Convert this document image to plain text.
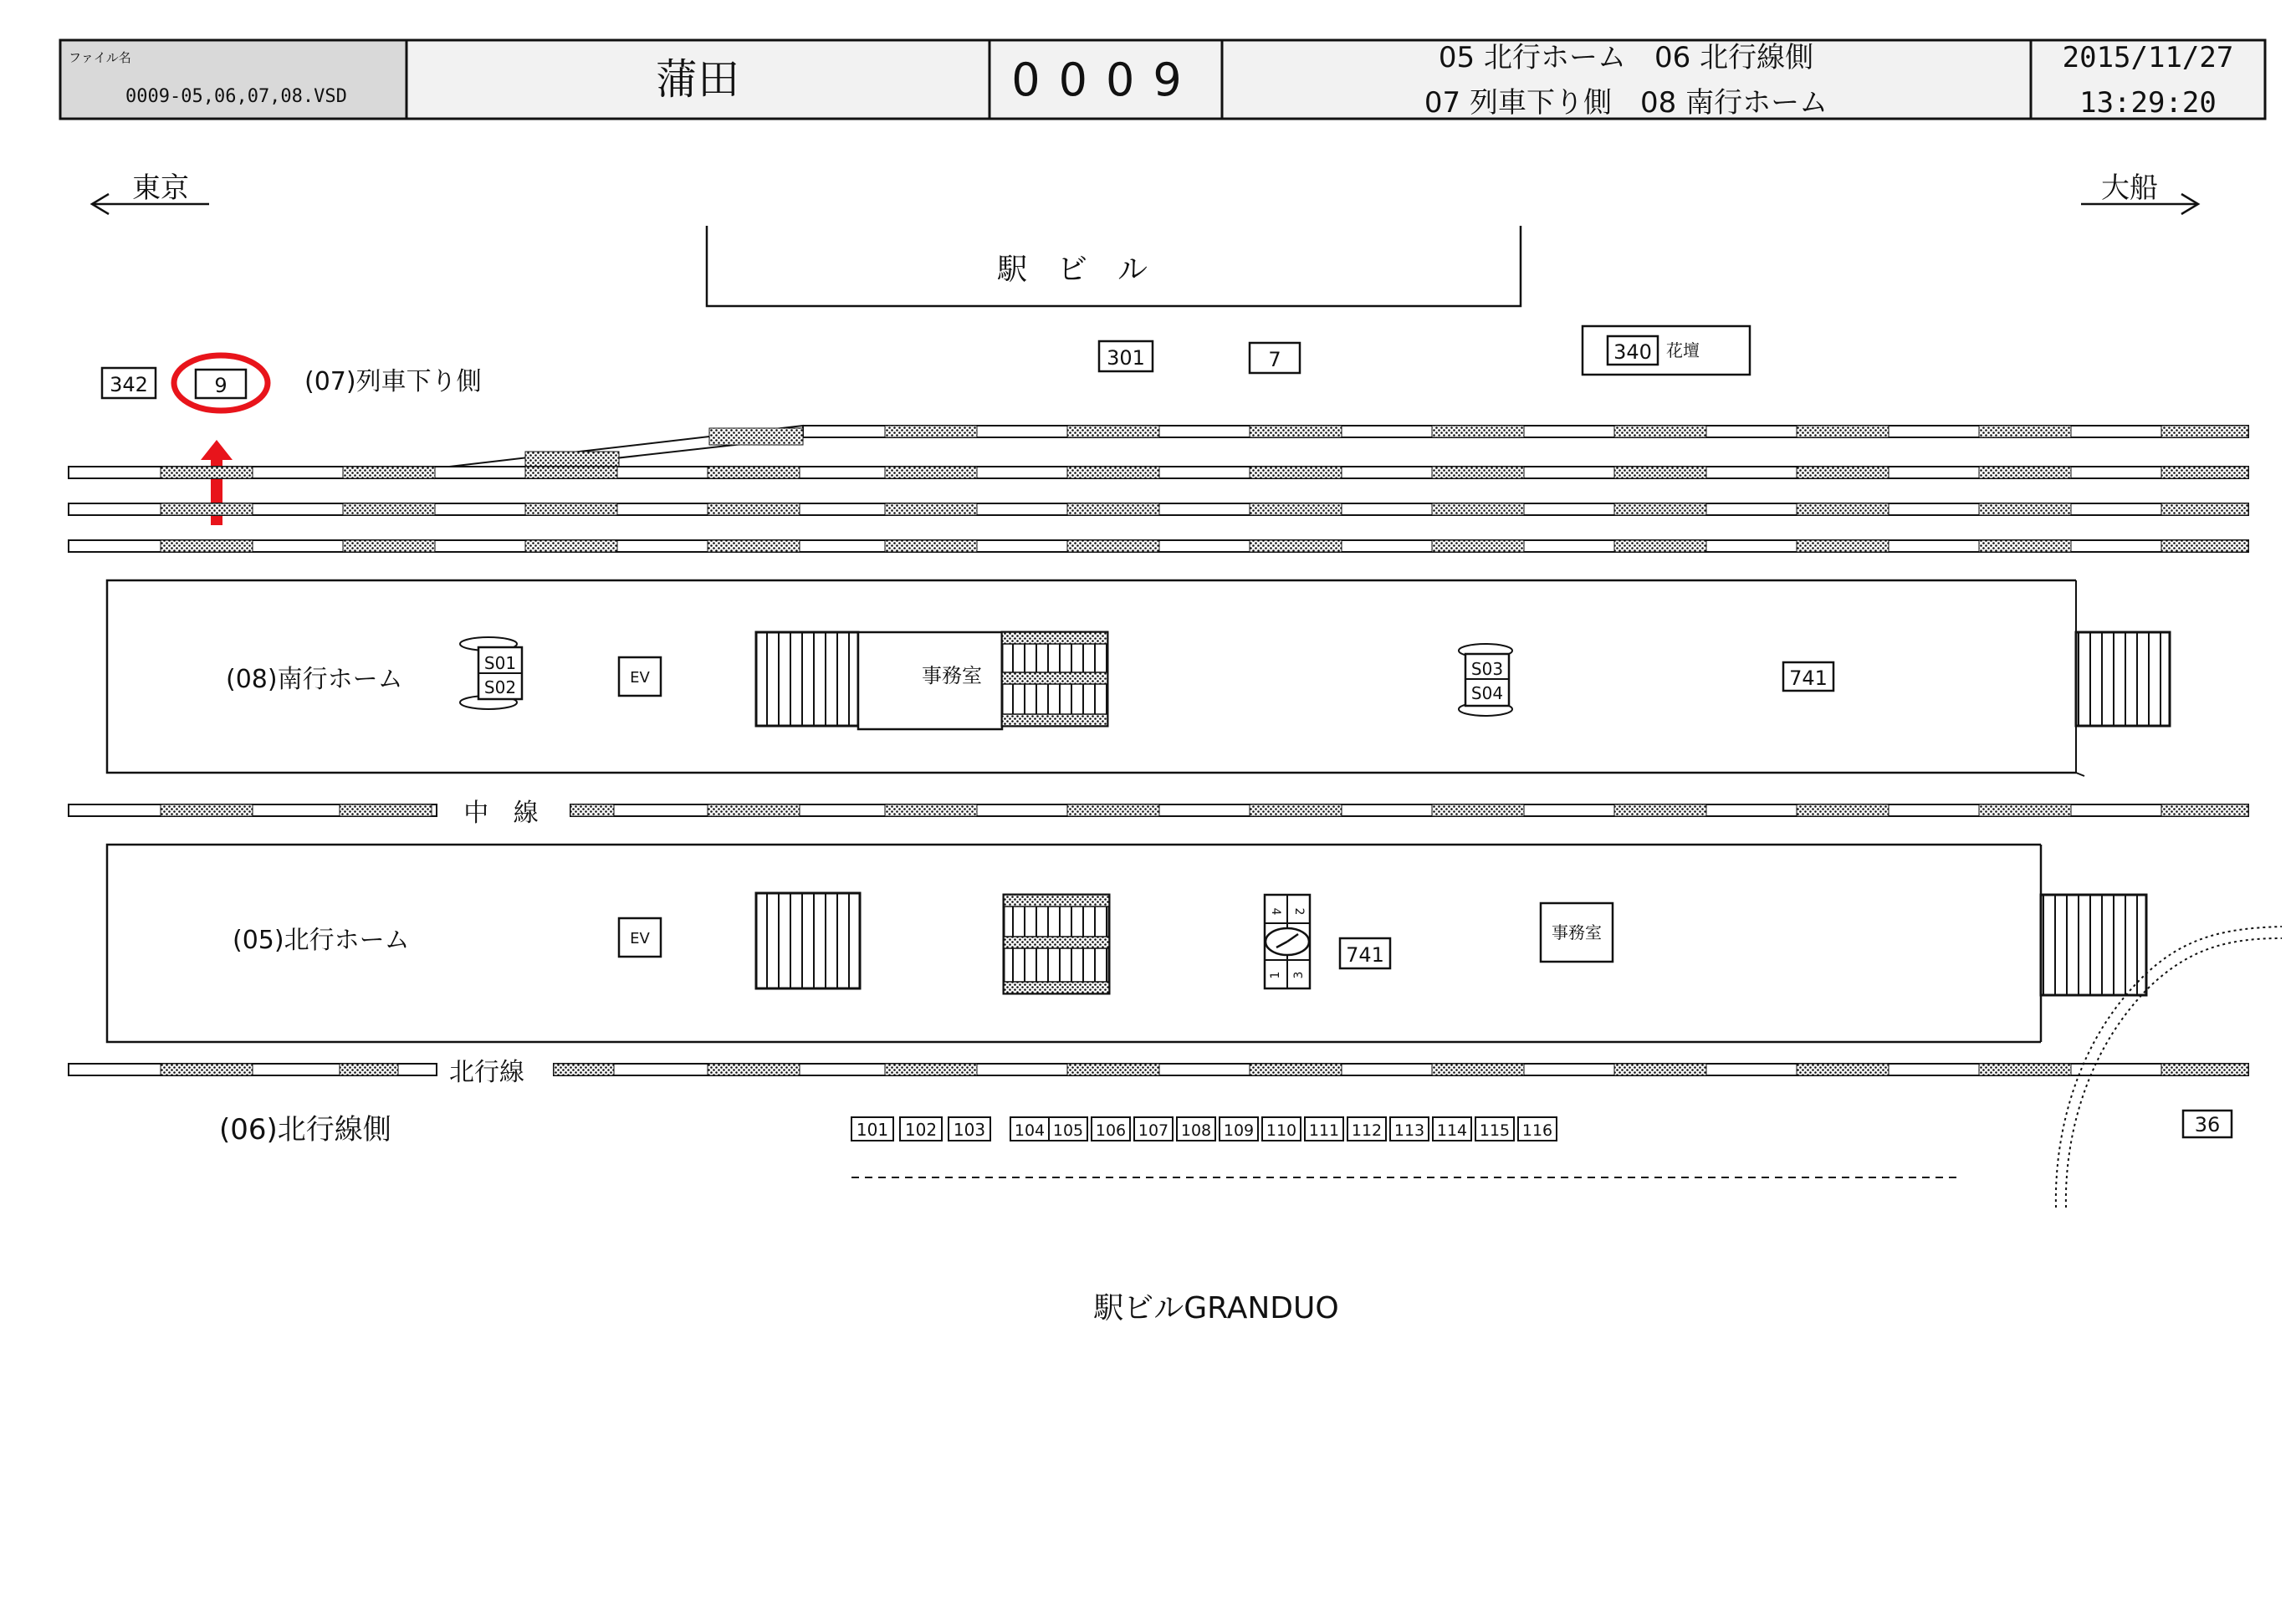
ファイル名
0009-05,06,07,08.VSD	蒲田	0009	05 北行ホーム　06 北行線側
07 列車下り側　08 南行ホーム
2015/11/27
13:29:20
東京	大船
駅　ビ　ル
342	9	(07)列車下り側
301	7	340 花壇
(08)南行ホーム
S01
S02	EV	事務室	S03
S04
741
中 線
(05)北行ホーム	EV
2
4
1 3
741
事務室
北行線
(06)北行線側	101 102 103 104 105 106 107 108 109 110 111 112 113 114 115 116	36
駅ビルGRANDUO
